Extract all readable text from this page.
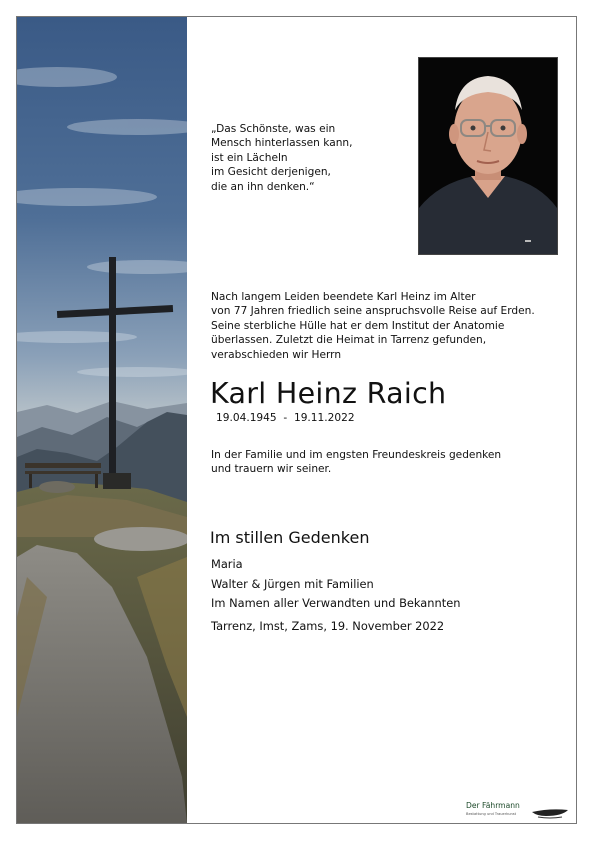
„Das Schönste, was ein
Mensch hinterlassen kann,
ist ein Lächeln
im Gesicht derjenigen,
die an ihn denken.“
Nach langem Leiden beendete Karl Heinz im Alter
von 77 Jahren friedlich seine anspruchsvolle Reise auf Erden.
Seine sterbliche Hülle hat er dem Institut der Anatomie
überlassen. Zuletzt die Heimat in Tarrenz gefunden,
verabschieden wir Herrn
Karl Heinz Raich
19.04.1945  -  19.11.2022
In der Familie und im engsten Freundeskreis gedenken
und trauern wir seiner.
Im stillen Gedenken
Maria
Walter & Jürgen mit Familien
Im Namen aller Verwandten und Bekannten
Tarrenz, Imst, Zams, 19. November 2022
Der Fährmann
Bestattung und Trauerkunst
